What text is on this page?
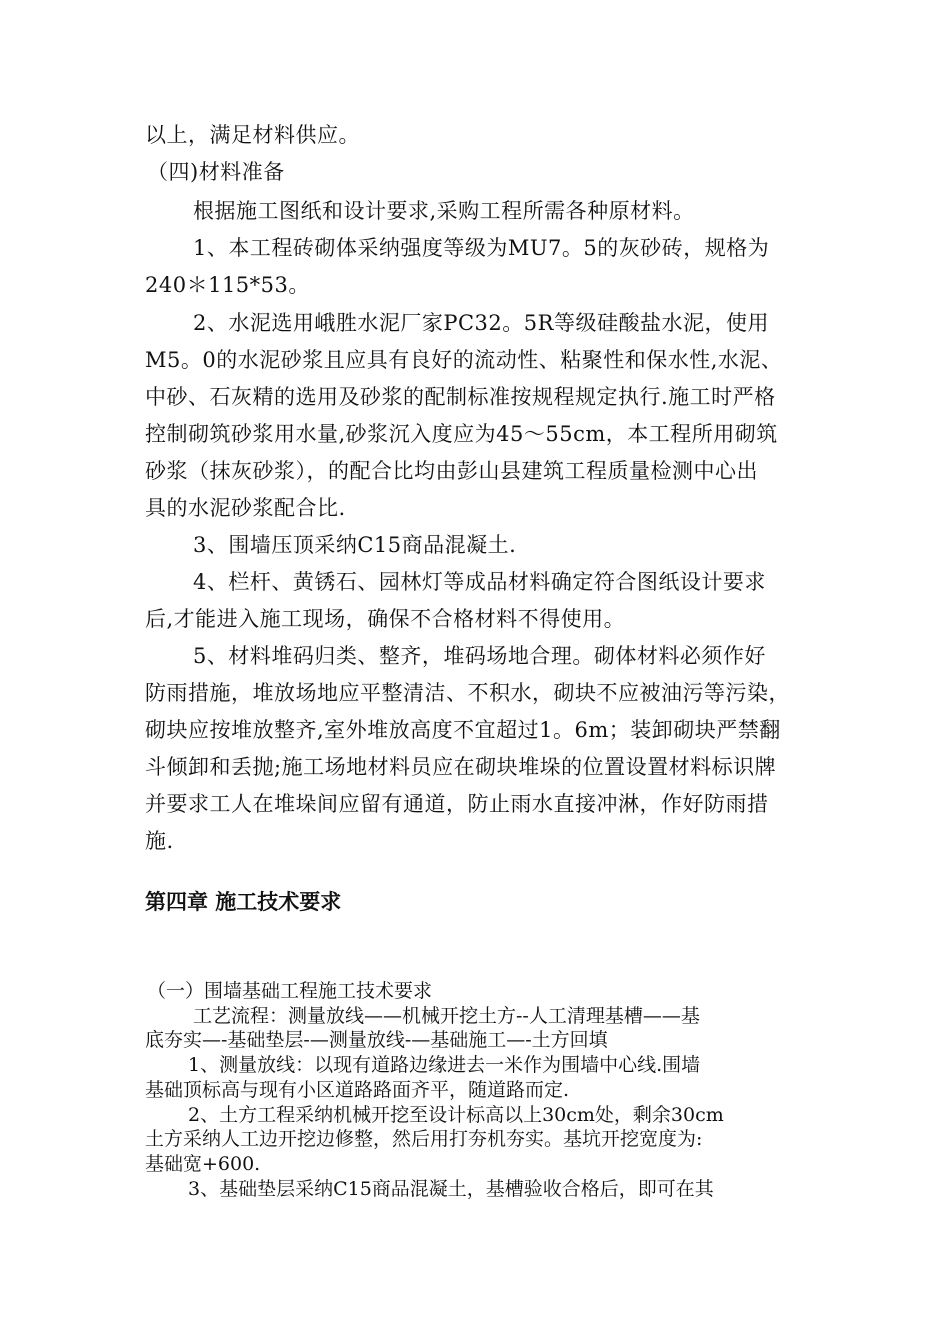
以上，满足材料供应。
（四)材料准备
根据施工图纸和设计要求,采购工程所需各种原材料。
1、本工程砖砌体采纳强度等级为MU7。5的灰砂砖，规格为
240＊115*53。
2、水泥选用峨胜水泥厂家PC32。5R等级硅酸盐水泥，使用
M5。0的水泥砂浆且应具有良好的流动性、粘聚性和保水性,水泥、
中砂、石灰精的选用及砂浆的配制标准按规程规定执行.施工时严格
控制砌筑砂浆用水量,砂浆沉入度应为45～55cm，本工程所用砌筑
砂浆（抹灰砂浆），的配合比均由彭山县建筑工程质量检测中心出
具的水泥砂浆配合比.
3、围墙压顶采纳C15商品混凝土.
4、栏杆、黄锈石、园林灯等成品材料确定符合图纸设计要求
后,才能进入施工现场，确保不合格材料不得使用。
5、材料堆码归类、整齐，堆码场地合理。砌体材料必须作好
防雨措施，堆放场地应平整清洁、不积水，砌块不应被油污等污染，
砌块应按堆放整齐,室外堆放高度不宜超过1。6m；装卸砌块严禁翻
斗倾卸和丢抛;施工场地材料员应在砌块堆垛的位置设置材料标识牌
并要求工人在堆垛间应留有通道，防止雨水直接冲淋，作好防雨措
施.
第四章 施工技术要求
（一）围墙基础工程施工技术要求
工艺流程：测量放线——机械开挖土方--人工清理基槽——基
底夯实—-基础垫层-—测量放线-—基础施工—-土方回填
1、测量放线：以现有道路边缘进去一米作为围墙中心线.围墙
基础顶标高与现有小区道路路面齐平，随道路而定.
2、土方工程采纳机械开挖至设计标高以上30cm处，剩余30cm
土方采纳人工边开挖边修整，然后用打夯机夯实。基坑开挖宽度为:
基础宽+600.
3、基础垫层采纳C15商品混凝土，基槽验收合格后，即可在其
